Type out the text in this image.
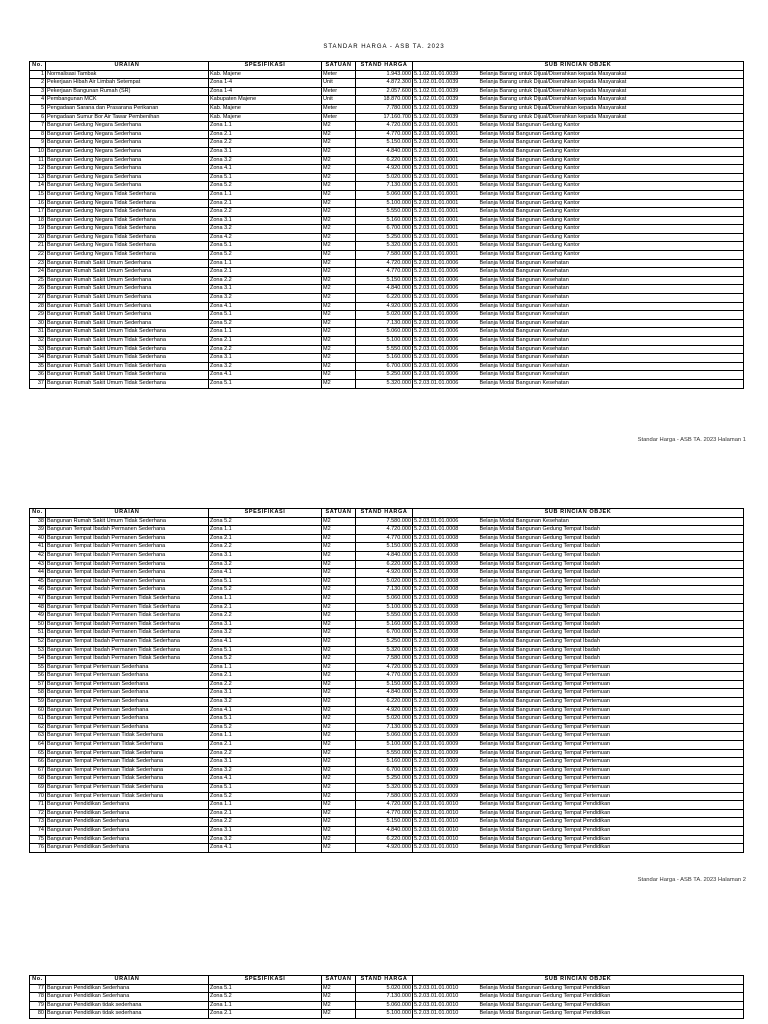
STANDAR HARGA - ASB TA. 2023
No.	URAIAN	SPESIFIKASI	SATUAN	STAND HARGA	SUB RINCIAN OBJEK	
1	Normalisasi Tambak	Kab. Majene	Meter	1.943.000	5.1.02.01.01.0039	Belanja Barang untuk Dijual/Diserahkan kepada Masyarakat
2	Pekerjaan Hibah Air Limbah Setempat	Zona 1-4	Unit	4.872.300	5.1.02.01.01.0039	Belanja Barang untuk Dijual/Diserahkan kepada Masyarakat
3	Pekerjaan Bangunan Rumah (SR)	Zona 1-4	Meter	2.057.600	5.1.02.01.01.0039	Belanja Barang untuk Dijual/Diserahkan kepada Masyarakat
4	Pembangunan MCK	Kabupaten Majene	Unit	18.870.000	5.1.02.01.01.0039	Belanja Barang untuk Dijual/Diserahkan kepada Masyarakat
5	Pengadaan Sarana dan Prasarana Perikanan	Kab. Majene	Meter	7.780.000	5.1.02.01.01.0039	Belanja Barang untuk Dijual/Diserahkan kepada Masyarakat
6	Pengadaan Sumur Bor Air Tawar Pembenihan	Kab. Majene	Meter	17.160.700	5.1.02.01.01.0039	Belanja Barang untuk Dijual/Diserahkan kepada Masyarakat
7	Bangunan Gedung Negara Sederhana	Zona 1.1	M2	4.720.000	5.2.03.01.01.0001	Belanja Modal Bangunan Gedung Kantor
8	Bangunan Gedung Negara Sederhana	Zona 2.1	M2	4.770.000	5.2.03.01.01.0001	Belanja Modal Bangunan Gedung Kantor
9	Bangunan Gedung Negara Sederhana	Zona 2.2	M2	5.150.000	5.2.03.01.01.0001	Belanja Modal Bangunan Gedung Kantor
10	Bangunan Gedung Negara Sederhana	Zona 3.1	M2	4.840.000	5.2.03.01.01.0001	Belanja Modal Bangunan Gedung Kantor
11	Bangunan Gedung Negara Sederhana	Zona 3.2	M2	6.220.000	5.2.03.01.01.0001	Belanja Modal Bangunan Gedung Kantor
12	Bangunan Gedung Negara Sederhana	Zona 4.1	M2	4.920.000	5.2.03.01.01.0001	Belanja Modal Bangunan Gedung Kantor
13	Bangunan Gedung Negara Sederhana	Zona 5.1	M2	5.020.000	5.2.03.01.01.0001	Belanja Modal Bangunan Gedung Kantor
14	Bangunan Gedung Negara Sederhana	Zona 5.2	M2	7.130.000	5.2.03.01.01.0001	Belanja Modal Bangunan Gedung Kantor
15	Bangunan Gedung Negara Tidak Sederhana	Zona 1.1	M2	5.060.000	5.2.03.01.01.0001	Belanja Modal Bangunan Gedung Kantor
16	Bangunan Gedung Negara Tidak Sederhana	Zona 2.1	M2	5.100.000	5.2.03.01.01.0001	Belanja Modal Bangunan Gedung Kantor
17	Bangunan Gedung Negara Tidak Sederhana	Zona 2.2	M2	5.550.000	5.2.03.01.01.0001	Belanja Modal Bangunan Gedung Kantor
18	Bangunan Gedung Negara Tidak Sederhana	Zona 3.1	M2	5.160.000	5.2.03.01.01.0001	Belanja Modal Bangunan Gedung Kantor
19	Bangunan Gedung Negara Tidak Sederhana	Zona 3.2	M2	6.700.000	5.2.03.01.01.0001	Belanja Modal Bangunan Gedung Kantor
20	Bangunan Gedung Negara Tidak Sederhana	Zona 4.2	M2	5.250.000	5.2.03.01.01.0001	Belanja Modal Bangunan Gedung Kantor
21	Bangunan Gedung Negara Tidak Sederhana	Zona 5.1	M2	5.320.000	5.2.03.01.01.0001	Belanja Modal Bangunan Gedung Kantor
22	Bangunan Gedung Negara Tidak Sederhana	Zona 5.2	M2	7.580.000	5.2.03.01.01.0001	Belanja Modal Bangunan Gedung Kantor
23	Bangunan Rumah Sakit Umum Sederhana	Zona 1.1	M2	4.720.000	5.2.03.01.01.0006	Belanja Modal Bangunan Kesehatan
24	Bangunan Rumah Sakit Umum Sederhana	Zona 2.1	M2	4.770.000	5.2.03.01.01.0006	Belanja Modal Bangunan Kesehatan
25	Bangunan Rumah Sakit Umum Sederhana	Zona 2.2	M2	5.150.000	5.2.03.01.01.0006	Belanja Modal Bangunan Kesehatan
26	Bangunan Rumah Sakit Umum Sederhana	Zona 3.1	M2	4.840.000	5.2.03.01.01.0006	Belanja Modal Bangunan Kesehatan
27	Bangunan Rumah Sakit Umum Sederhana	Zona 3.2	M2	6.220.000	5.2.03.01.01.0006	Belanja Modal Bangunan Kesehatan
28	Bangunan Rumah Sakit Umum Sederhana	Zona 4.1	M2	4.920.000	5.2.03.01.01.0006	Belanja Modal Bangunan Kesehatan
29	Bangunan Rumah Sakit Umum Sederhana	Zona 5.1	M2	5.020.000	5.2.03.01.01.0006	Belanja Modal Bangunan Kesehatan
30	Bangunan Rumah Sakit Umum Sederhana	Zona 5.2	M2	7.130.000	5.2.03.01.01.0006	Belanja Modal Bangunan Kesehatan
31	Bangunan Rumah Sakit Umum Tidak Sederhana	Zona 1.1	M2	5.060.000	5.2.03.01.01.0006	Belanja Modal Bangunan Kesehatan
32	Bangunan Rumah Sakit Umum Tidak Sederhana	Zona 2.1	M2	5.100.000	5.2.03.01.01.0006	Belanja Modal Bangunan Kesehatan
33	Bangunan Rumah Sakit Umum Tidak Sederhana	Zona 2.2	M2	5.550.000	5.2.03.01.01.0006	Belanja Modal Bangunan Kesehatan
34	Bangunan Rumah Sakit Umum Tidak Sederhana	Zona 3.1	M2	5.160.000	5.2.03.01.01.0006	Belanja Modal Bangunan Kesehatan
35	Bangunan Rumah Sakit Umum Tidak Sederhana	Zona 3.2	M2	6.700.000	5.2.03.01.01.0006	Belanja Modal Bangunan Kesehatan
36	Bangunan Rumah Sakit Umum Tidak Sederhana	Zona 4.1	M2	5.250.000	5.2.03.01.01.0006	Belanja Modal Bangunan Kesehatan
37	Bangunan Rumah Sakit Umum Tidak Sederhana	Zona 5.1	M2	5.320.000	5.2.03.01.01.0006	Belanja Modal Bangunan Kesehatan
No.	URAIAN	SPESIFIKASI	SATUAN	STAND HARGA	SUB RINCIAN OBJEK	
38	Bangunan Rumah Sakit Umum Tidak Sederhana	Zona 5.2	M2	7.580.000	5.2.03.01.01.0006	Belanja Modal Bangunan Kesehatan
39	Bangunan Tempat Ibadah Permanen Sederhana	Zona 1.1	M2	4.720.000	5.2.03.01.01.0008	Belanja Modal Bangunan Gedung Tempat Ibadah
40	Bangunan Tempat Ibadah Permanen Sederhana	Zona 2.1	M2	4.770.000	5.2.03.01.01.0008	Belanja Modal Bangunan Gedung Tempat Ibadah
41	Bangunan Tempat Ibadah Permanen Sederhana	Zona 2.2	M2	5.150.000	5.2.03.01.01.0008	Belanja Modal Bangunan Gedung Tempat Ibadah
42	Bangunan Tempat Ibadah Permanen Sederhana	Zona 3.1	M2	4.840.000	5.2.03.01.01.0008	Belanja Modal Bangunan Gedung Tempat Ibadah
43	Bangunan Tempat Ibadah Permanen Sederhana	Zona 3.2	M2	6.220.000	5.2.03.01.01.0008	Belanja Modal Bangunan Gedung Tempat Ibadah
44	Bangunan Tempat Ibadah Permanen Sederhana	Zona 4.1	M2	4.920.000	5.2.03.01.01.0008	Belanja Modal Bangunan Gedung Tempat Ibadah
45	Bangunan Tempat Ibadah Permanen Sederhana	Zona 5.1	M2	5.020.000	5.2.03.01.01.0008	Belanja Modal Bangunan Gedung Tempat Ibadah
46	Bangunan Tempat Ibadah Permanen Sederhana	Zona 5.2	M2	7.130.000	5.2.03.01.01.0008	Belanja Modal Bangunan Gedung Tempat Ibadah
47	Bangunan Tempat Ibadah Permanen Tidak Sederhana	Zona 1.1	M2	5.060.000	5.2.03.01.01.0008	Belanja Modal Bangunan Gedung Tempat Ibadah
48	Bangunan Tempat Ibadah Permanen Tidak Sederhana	Zona 2.1	M2	5.100.000	5.2.03.01.01.0008	Belanja Modal Bangunan Gedung Tempat Ibadah
49	Bangunan Tempat Ibadah Permanen Tidak Sederhana	Zona 2.2	M2	5.550.000	5.2.03.01.01.0008	Belanja Modal Bangunan Gedung Tempat Ibadah
50	Bangunan Tempat Ibadah Permanen Tidak Sederhana	Zona 3.1	M2	5.160.000	5.2.03.01.01.0008	Belanja Modal Bangunan Gedung Tempat Ibadah
51	Bangunan Tempat Ibadah Permanen Tidak Sederhana	Zona 3.2	M2	6.700.000	5.2.03.01.01.0008	Belanja Modal Bangunan Gedung Tempat Ibadah
52	Bangunan Tempat Ibadah Permanen Tidak Sederhana	Zona 4.1	M2	5.250.000	5.2.03.01.01.0008	Belanja Modal Bangunan Gedung Tempat Ibadah
53	Bangunan Tempat Ibadah Permanen Tidak Sederhana	Zona 5.1	M2	5.320.000	5.2.03.01.01.0008	Belanja Modal Bangunan Gedung Tempat Ibadah
54	Bangunan Tempat Ibadah Permanen Tidak Sederhana	Zona 5.2	M2	7.580.000	5.2.03.01.01.0008	Belanja Modal Bangunan Gedung Tempat Ibadah
55	Bangunan Tempat Pertemuan Sederhana	Zona 1.1	M2	4.720.000	5.2.03.01.01.0009	Belanja Modal Bangunan Gedung Tempat Pertemuan
56	Bangunan Tempat Pertemuan Sederhana	Zona 2.1	M2	4.770.000	5.2.03.01.01.0009	Belanja Modal Bangunan Gedung Tempat Pertemuan
57	Bangunan Tempat Pertemuan Sederhana	Zona 2.2	M2	5.150.000	5.2.03.01.01.0009	Belanja Modal Bangunan Gedung Tempat Pertemuan
58	Bangunan Tempat Pertemuan Sederhana	Zona 3.1	M2	4.840.000	5.2.03.01.01.0009	Belanja Modal Bangunan Gedung Tempat Pertemuan
59	Bangunan Tempat Pertemuan Sederhana	Zona 3.2	M2	6.220.000	5.2.03.01.01.0009	Belanja Modal Bangunan Gedung Tempat Pertemuan
60	Bangunan Tempat Pertemuan Sederhana	Zona 4.1	M2	4.920.000	5.2.03.01.01.0009	Belanja Modal Bangunan Gedung Tempat Pertemuan
61	Bangunan Tempat Pertemuan Sederhana	Zona 5.1	M2	5.020.000	5.2.03.01.01.0009	Belanja Modal Bangunan Gedung Tempat Pertemuan
62	Bangunan Tempat Pertemuan Sederhana	Zona 5.2	M2	7.130.000	5.2.03.01.01.0009	Belanja Modal Bangunan Gedung Tempat Pertemuan
63	Bangunan Tempat Pertemuan Tidak Sederhana	Zona 1.1	M2	5.060.000	5.2.03.01.01.0009	Belanja Modal Bangunan Gedung Tempat Pertemuan
64	Bangunan Tempat Pertemuan Tidak Sederhana	Zona 2.1	M2	5.100.000	5.2.03.01.01.0009	Belanja Modal Bangunan Gedung Tempat Pertemuan
65	Bangunan Tempat Pertemuan Tidak Sederhana	Zona 2.2	M2	5.550.000	5.2.03.01.01.0009	Belanja Modal Bangunan Gedung Tempat Pertemuan
66	Bangunan Tempat Pertemuan Tidak Sederhana	Zona 3.1	M2	5.160.000	5.2.03.01.01.0009	Belanja Modal Bangunan Gedung Tempat Pertemuan
67	Bangunan Tempat Pertemuan Tidak Sederhana	Zona 3.2	M2	6.700.000	5.2.03.01.01.0009	Belanja Modal Bangunan Gedung Tempat Pertemuan
68	Bangunan Tempat Pertemuan Tidak Sederhana	Zona 4.1	M2	5.250.000	5.2.03.01.01.0009	Belanja Modal Bangunan Gedung Tempat Pertemuan
69	Bangunan Tempat Pertemuan Tidak Sederhana	Zona 5.1	M2	5.320.000	5.2.03.01.01.0009	Belanja Modal Bangunan Gedung Tempat Pertemuan
70	Bangunan Tempat Pertemuan Tidak Sederhana	Zona 5.2	M2	7.580.000	5.2.03.01.01.0009	Belanja Modal Bangunan Gedung Tempat Pertemuan
71	Bangunan Pendidikan Sederhana	Zona 1.1	M2	4.720.000	5.2.03.01.01.0010	Belanja Modal Bangunan Gedung Tempat Pendidikan
72	Bangunan Pendidikan Sederhana	Zona 2.1	M2	4.770.000	5.2.03.01.01.0010	Belanja Modal Bangunan Gedung Tempat Pendidikan
73	Bangunan Pendidikan Sederhana	Zona 2.2	M2	5.150.000	5.2.03.01.01.0010	Belanja Modal Bangunan Gedung Tempat Pendidikan
74	Bangunan Pendidikan Sederhana	Zona 3.1	M2	4.840.000	5.2.03.01.01.0010	Belanja Modal Bangunan Gedung Tempat Pendidikan
75	Bangunan Pendidikan Sederhana	Zona 3.2	M2	6.220.000	5.2.03.01.01.0010	Belanja Modal Bangunan Gedung Tempat Pendidikan
76	Bangunan Pendidikan Sederhana	Zona 4.1	M2	4.920.000	5.2.03.01.01.0010	Belanja Modal Bangunan Gedung Tempat Pendidikan
No.	URAIAN	SPESIFIKASI	SATUAN	STAND HARGA	SUB RINCIAN OBJEK	
77	Bangunan Pendidikan Sederhana	Zona 5.1	M2	5.020.000	5.2.03.01.01.0010	Belanja Modal Bangunan Gedung Tempat Pendidikan
78	Bangunan Pendidikan Sederhana	Zona 5.2	M2	7.130.000	5.2.03.01.01.0010	Belanja Modal Bangunan Gedung Tempat Pendidikan
79	Bangunan Pendidikan tidak sederhana	Zona 1.1	M2	5.060.000	5.2.03.01.01.0010	Belanja Modal Bangunan Gedung Tempat Pendidikan
80	Bangunan Pendidikan tidak sederhana	Zona 2.1	M2	5.100.000	5.2.03.01.01.0010	Belanja Modal Bangunan Gedung Tempat Pendidikan
Standar Harga - ASB TA. 2023 Halaman 1
Standar Harga - ASB TA. 2023 Halaman 2
